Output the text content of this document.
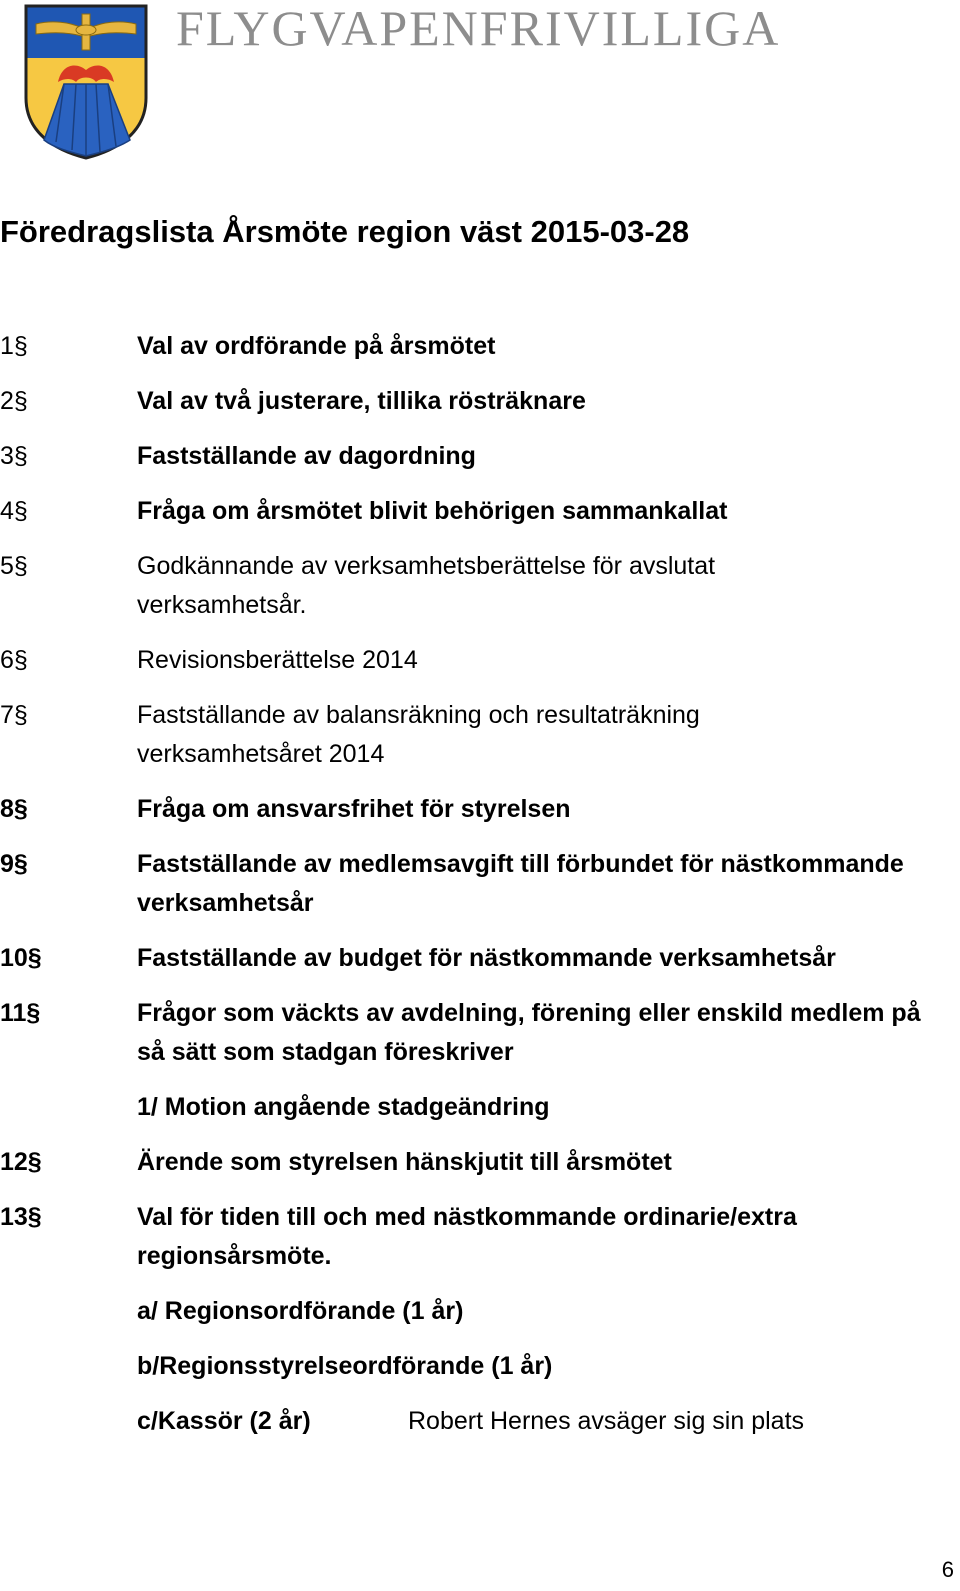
FLYGVAPENFRIVILLIGA
Föredragslista Årsmöte region väst 2015-03-28
1§	Val av ordförande på årsmötet
2§	Val av två justerare, tillika rösträknare
3§	Fastställande av dagordning
4§	Fråga om årsmötet blivit behörigen sammankallat
5§	Godkännande av verksamhetsberättelse för avslutat
verksamhetsår.
6§	Revisionsberättelse 2014
7§	Fastställande av balansräkning och resultaträkning
verksamhetsåret 2014
8§	Fråga om ansvarsfrihet för styrelsen
9§	Fastställande av medlemsavgift till förbundet för nästkommande
verksamhetsår
10§	Fastställande av budget för nästkommande verksamhetsår
11§	Frågor som väckts av avdelning, förening eller enskild medlem på
så sätt som stadgan föreskriver
1/ Motion angående stadgeändring
12§	Ärende som styrelsen hänskjutit till årsmötet
13§	Val för tiden till och med nästkommande ordinarie/extra
regionsårsmöte.
a/ Regionsordförande (1 år)
b/Regionsstyrelseordförande (1 år)
c/Kassör (2 år)	Robert Hernes avsäger sig sin plats
6
